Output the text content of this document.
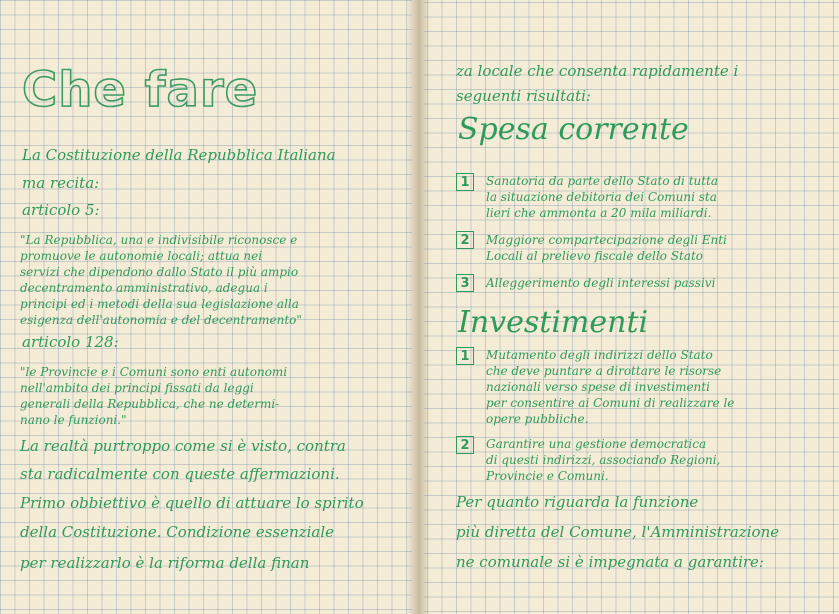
Che fare
La Costituzione della Repubblica Italiana
ma recita:
articolo 5:
"La Repubblica, una e indivisibile riconosce e
promuove le autonomie locali; attua nei
servizi che dipendono dallo Stato il più ampio
decentramento amministrativo, adegua i
principi ed i metodi della sua legislazione alla
esigenza dell'autonomia e del decentramento"
articolo 128:
"le Provincie e i Comuni sono enti autonomi
nell'ambito dei principi fissati da leggi
generali della Repubblica, che ne determi-
nano le funzioni."
La realtà purtroppo come si è visto, contra
sta radicalmente con queste affermazioni.
Primo obbiettivo è quello di attuare lo spirito
della Costituzione. Condizione essenziale
per realizzarlo è la riforma della finan
za locale che consenta rapidamente i
seguenti risultati:
Spesa corrente
1	Sanatoria da parte dello Stato di tutta
la situazione debitoria dei Comuni sta
lieri che ammonta a 20 mila miliardi.
2	Maggiore compartecipazione degli Enti
Locali al prelievo fiscale dello Stato
3	Alleggerimento degli interessi passivi
Investimenti
1	Mutamento degli indirizzi dello Stato
che deve puntare a dirottare le risorse
nazionali verso spese di investimenti
per consentire ai Comuni di realizzare le
opere pubbliche.
2	Garantire una gestione democratica
di questi indirizzi, associando Regioni,
Provincie e Comuni.
Per quanto riguarda la funzione
più diretta del Comune, l'Amministrazione
ne comunale si è impegnata a garantire:
